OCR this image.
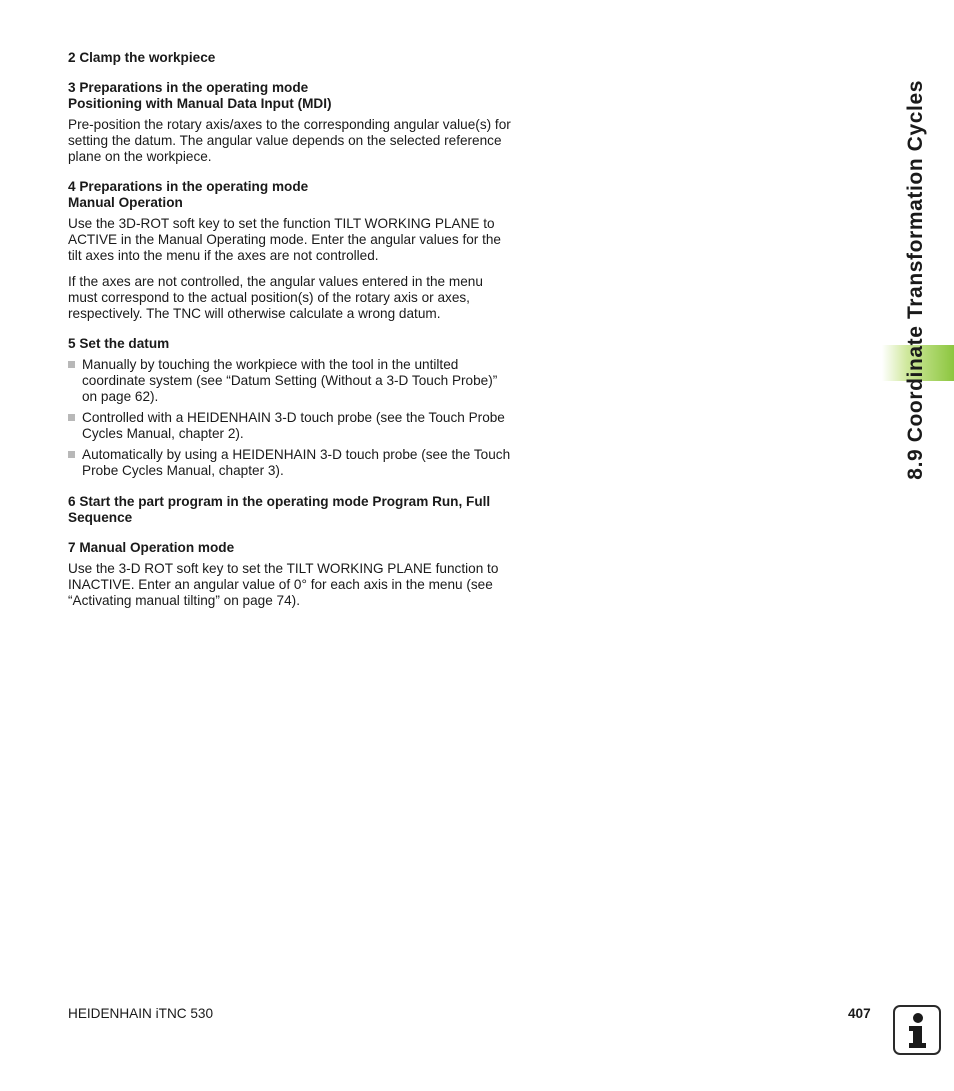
2 Clamp the workpiece

3 Preparations in the operating mode
Positioning with Manual Data Input (MDI)

Pre-position the rotary axis/axes to the corresponding angular value(s) for setting the datum. The angular value depends on the selected reference plane on the workpiece.

4 Preparations in the operating mode
Manual Operation

Use the 3D-ROT soft key to set the function TILT WORKING PLANE to ACTIVE in the Manual Operating mode. Enter the angular values for the tilt axes into the menu if the axes are not controlled.

If the axes are not controlled, the angular values entered in the menu must correspond to the actual position(s) of the rotary axis or axes, respectively. The TNC will otherwise calculate a wrong datum.

5 Set the datum

Manually by touching the workpiece with the tool in the untilted coordinate system (see “Datum Setting (Without a 3-D Touch Probe)” on page 62).
Controlled with a HEIDENHAIN 3-D touch probe (see the Touch Probe Cycles Manual, chapter 2).
Automatically by using a HEIDENHAIN 3-D touch probe (see the Touch Probe Cycles Manual, chapter 3).

6 Start the part program in the operating mode Program Run, Full Sequence

7 Manual Operation mode

Use the 3-D ROT soft key to set the TILT WORKING PLANE function to INACTIVE. Enter an angular value of 0° for each axis in the menu (see “Activating manual tilting” on page 74).

8.9 Coordinate Transformation Cycles
HEIDENHAIN iTNC 530	407
